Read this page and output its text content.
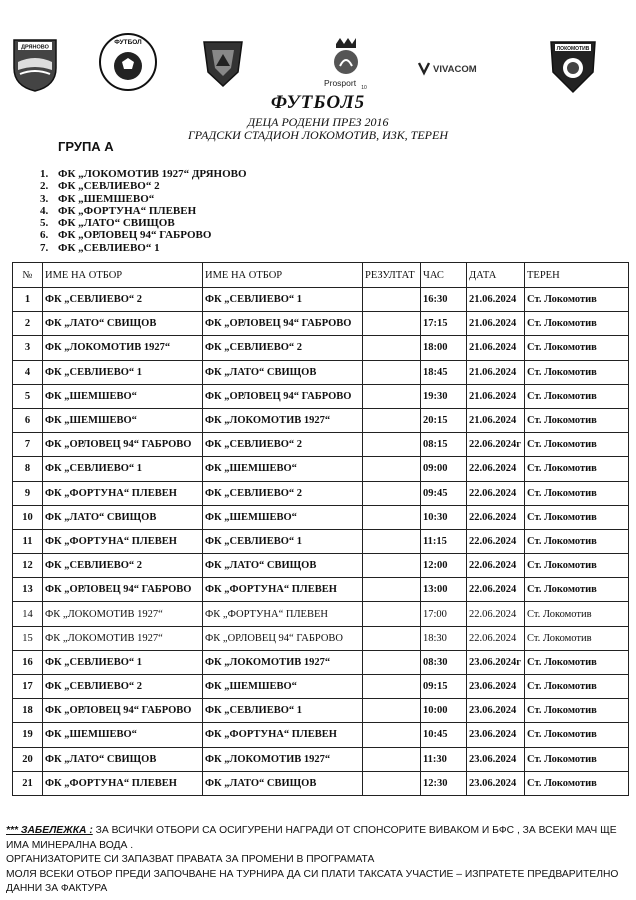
ДРЯНОВО
ФУТБОЛ
Prosport 10
VIVACOM
ЛОКОМОТИВ
ФУТБОЛ5
ДЕЦА РОДЕНИ ПРЕЗ 2016
ГРАДСКИ СТАДИОН ЛОКОМОТИВ, ИЗК, ТЕРЕН
ГРУПА А
1. ФК „ЛОКОМОТИВ 1927“ ДРЯНОВО
2. ФК „СЕВЛИЕВО“ 2
3. ФК „ШЕМШЕВО“
4. ФК „ФОРТУНА“ ПЛЕВЕН
5. ФК „ЛАТО“ СВИЩОВ
6. ФК „ОРЛОВЕЦ 94“ ГАБРОВО
7. ФК „СЕВЛИЕВО“ 1
№	ИМЕ НА ОТБОР	ИМЕ НА ОТБОР	РЕЗУЛТАТ	ЧАС	ДАТА	ТЕРЕН
1	ФК „СЕВЛИЕВО“ 2	ФК „СЕВЛИЕВО“ 1		16:30	21.06.2024	Ст. Локомотив
2	ФК „ЛАТО“ СВИЩОВ	ФК „ОРЛОВЕЦ 94“ ГАБРОВО		17:15	21.06.2024	Ст. Локомотив
3	ФК „ЛОКОМОТИВ 1927“	ФК „СЕВЛИЕВО“ 2		18:00	21.06.2024	Ст. Локомотив
4	ФК „СЕВЛИЕВО“ 1	ФК „ЛАТО“ СВИЩОВ		18:45	21.06.2024	Ст. Локомотив
5	ФК „ШЕМШЕВО“	ФК „ОРЛОВЕЦ 94“ ГАБРОВО		19:30	21.06.2024	Ст. Локомотив
6	ФК „ШЕМШЕВО“	ФК „ЛОКОМОТИВ 1927“		20:15	21.06.2024	Ст. Локомотив
7	ФК „ОРЛОВЕЦ 94“ ГАБРОВО	ФК „СЕВЛИЕВО“ 2		08:15	22.06.2024г	Ст. Локомотив
8	ФК „СЕВЛИЕВО“ 1	ФК „ШЕМШЕВО“		09:00	22.06.2024	Ст. Локомотив
9	ФК „ФОРТУНА“ ПЛЕВЕН	ФК „СЕВЛИЕВО“ 2		09:45	22.06.2024	Ст. Локомотив
10	ФК „ЛАТО“ СВИЩОВ	ФК „ШЕМШЕВО“		10:30	22.06.2024	Ст. Локомотив
11	ФК „ФОРТУНА“ ПЛЕВЕН	ФК „СЕВЛИЕВО“ 1		11:15	22.06.2024	Ст. Локомотив
12	ФК „СЕВЛИЕВО“ 2	ФК „ЛАТО“ СВИЩОВ		12:00	22.06.2024	Ст. Локомотив
13	ФК „ОРЛОВЕЦ 94“ ГАБРОВО	ФК „ФОРТУНА“ ПЛЕВЕН		13:00	22.06.2024	Ст. Локомотив
14	ФК „ЛОКОМОТИВ 1927“	ФК „ФОРТУНА“ ПЛЕВЕН		17:00	22.06.2024	Ст. Локомотив
15	ФК „ЛОКОМОТИВ 1927“	ФК „ОРЛОВЕЦ 94“ ГАБРОВО		18:30	22.06.2024	Ст. Локомотив
16	ФК „СЕВЛИЕВО“ 1	ФК „ЛОКОМОТИВ 1927“		08:30	23.06.2024г	Ст. Локомотив
17	ФК „СЕВЛИЕВО“ 2	ФК „ШЕМШЕВО“		09:15	23.06.2024	Ст. Локомотив
18	ФК „ОРЛОВЕЦ 94“ ГАБРОВО	ФК „СЕВЛИЕВО“ 1		10:00	23.06.2024	Ст. Локомотив
19	ФК „ШЕМШЕВО“	ФК „ФОРТУНА“ ПЛЕВЕН		10:45	23.06.2024	Ст. Локомотив
20	ФК „ЛАТО“ СВИЩОВ	ФК „ЛОКОМОТИВ 1927“		11:30	23.06.2024	Ст. Локомотив
21	ФК „ФОРТУНА“ ПЛЕВЕН	ФК „ЛАТО“ СВИЩОВ		12:30	23.06.2024	Ст. Локомотив
*** ЗАБЕЛЕЖКА : ЗА ВСИЧКИ ОТБОРИ СА ОСИГУРЕНИ НАГРАДИ ОТ СПОНСОРИТЕ ВИВАКОМ И БФС , ЗА ВСЕКИ МАЧ ЩЕ ИМА МИНЕРАЛНА ВОДА .
ОРГАНИЗАТОРИТЕ СИ ЗАПАЗВАТ ПРАВАТА ЗА ПРОМЕНИ В ПРОГРАМАТА
МОЛЯ ВСЕКИ ОТБОР ПРЕДИ ЗАПОЧВАНЕ НА ТУРНИРА ДА СИ ПЛАТИ ТАКСАТА УЧАСТИЕ – ИЗПРАТЕТЕ ПРЕДВАРИТЕЛНО ДАННИ ЗА ФАКТУРА
